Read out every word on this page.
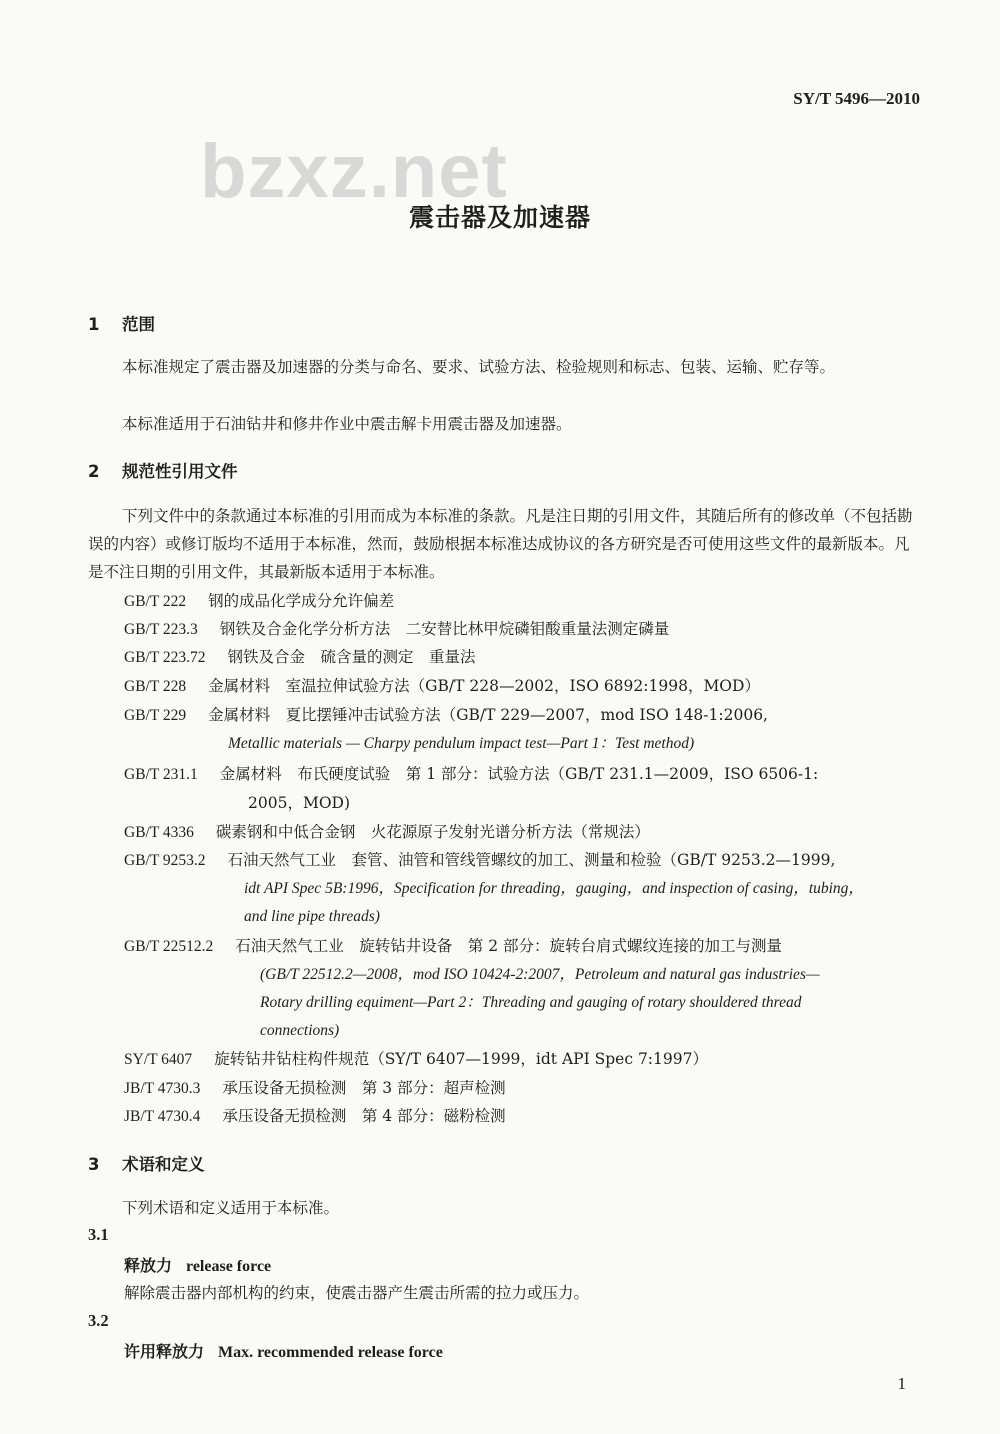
SY/T 5496—2010
bzxz.net
震击器及加速器
1 范围
本标准规定了震击器及加速器的分类与命名、要求、试验方法、检验规则和标志、包装、运输、贮存等。
本标准适用于石油钻井和修井作业中震击解卡用震击器及加速器。
2 规范性引用文件
下列文件中的条款通过本标准的引用而成为本标准的条款。凡是注日期的引用文件，其随后所有的修改单（不包括勘误的内容）或修订版均不适用于本标准，然而，鼓励根据本标准达成协议的各方研究是否可使用这些文件的最新版本。凡是不注日期的引用文件，其最新版本适用于本标准。
GB/T 222 钢的成品化学成分允许偏差
GB/T 223.3 钢铁及合金化学分析方法　二安替比林甲烷磷钼酸重量法测定磷量
GB/T 223.72 钢铁及合金　硫含量的测定　重量法
GB/T 228 金属材料　室温拉伸试验方法（GB/T 228—2002，ISO 6892:1998，MOD）
GB/T 229 金属材料　夏比摆锤冲击试验方法（GB/T 229—2007，mod ISO 148-1:2006,
Metallic materials — Charpy pendulum impact test—Part 1：Test method)
GB/T 231.1 金属材料　布氏硬度试验　第 1 部分：试验方法（GB/T 231.1—2009，ISO 6506-1:
2005，MOD)
GB/T 4336 碳素钢和中低合金钢　火花源原子发射光谱分析方法（常规法）
GB/T 9253.2 石油天然气工业　套管、油管和管线管螺纹的加工、测量和检验（GB/T 9253.2—1999,
idt API Spec 5B:1996，Specification for threading，gauging，and inspection of casing，tubing，
and line pipe threads)
GB/T 22512.2 石油天然气工业　旋转钻井设备　第 2 部分：旋转台肩式螺纹连接的加工与测量
(GB/T 22512.2—2008，mod ISO 10424-2:2007，Petroleum and natural gas industries—
Rotary drilling equiment—Part 2：Threading and gauging of rotary shouldered thread
connections)
SY/T 6407 旋转钻井钻柱构件规范（SY/T 6407—1999，idt API Spec 7:1997）
JB/T 4730.3 承压设备无损检测　第 3 部分：超声检测
JB/T 4730.4 承压设备无损检测　第 4 部分：磁粉检测
3 术语和定义
下列术语和定义适用于本标准。
3.1
释放力 release force
解除震击器内部机构的约束，使震击器产生震击所需的拉力或压力。
3.2
许用释放力 Max. recommended release force
1
